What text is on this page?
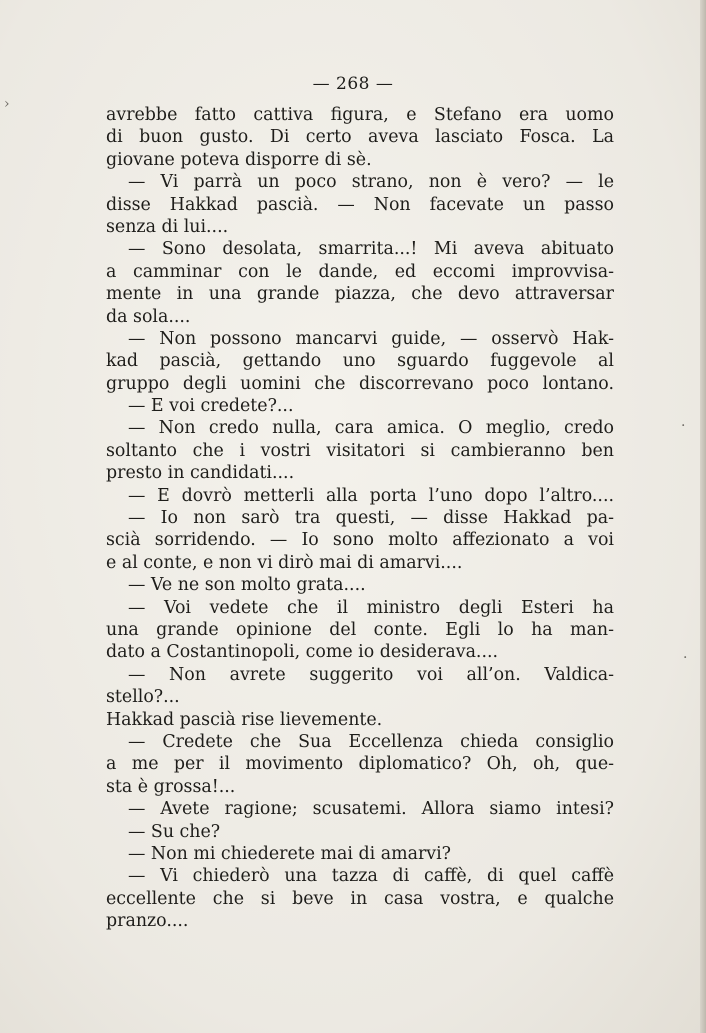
›
·
·
— 268 —
avrebbe fatto cattiva figura, e Stefano era uomo
di buon gusto. Di certo aveva lasciato Fosca. La
giovane poteva disporre di sè.
— Vi parrà un poco strano, non è vero? — le
disse Hakkad pascià. — Non facevate un passo
senza di lui....
— Sono desolata, smarrita...! Mi aveva abituato
a camminar con le dande, ed eccomi improvvisa-
mente in una grande piazza, che devo attraversar
da sola....
— Non possono mancarvi guide, — osservò Hak-
kad pascià, gettando uno sguardo fuggevole al
gruppo degli uomini che discorrevano poco lontano.
— E voi credete?...
— Non credo nulla, cara amica. O meglio, credo
soltanto che i vostri visitatori si cambieranno ben
presto in candidati....
— E dovrò metterli alla porta l’uno dopo l’altro....
— Io non sarò tra questi, — disse Hakkad pa-
scià sorridendo. — Io sono molto affezionato a voi
e al conte, e non vi dirò mai di amarvi....
— Ve ne son molto grata....
— Voi vedete che il ministro degli Esteri ha
una grande opinione del conte. Egli lo ha man-
dato a Costantinopoli, come io desiderava....
— Non avrete suggerito voi all’on. Valdica-
stello?...
Hakkad pascià rise lievemente.
— Credete che Sua Eccellenza chieda consiglio
a me per il movimento diplomatico? Oh, oh, que-
sta è grossa!...
— Avete ragione; scusatemi. Allora siamo intesi?
— Su che?
— Non mi chiederete mai di amarvi?
— Vi chiederò una tazza di caffè, di quel caffè
eccellente che si beve in casa vostra, e qualche
pranzo....
